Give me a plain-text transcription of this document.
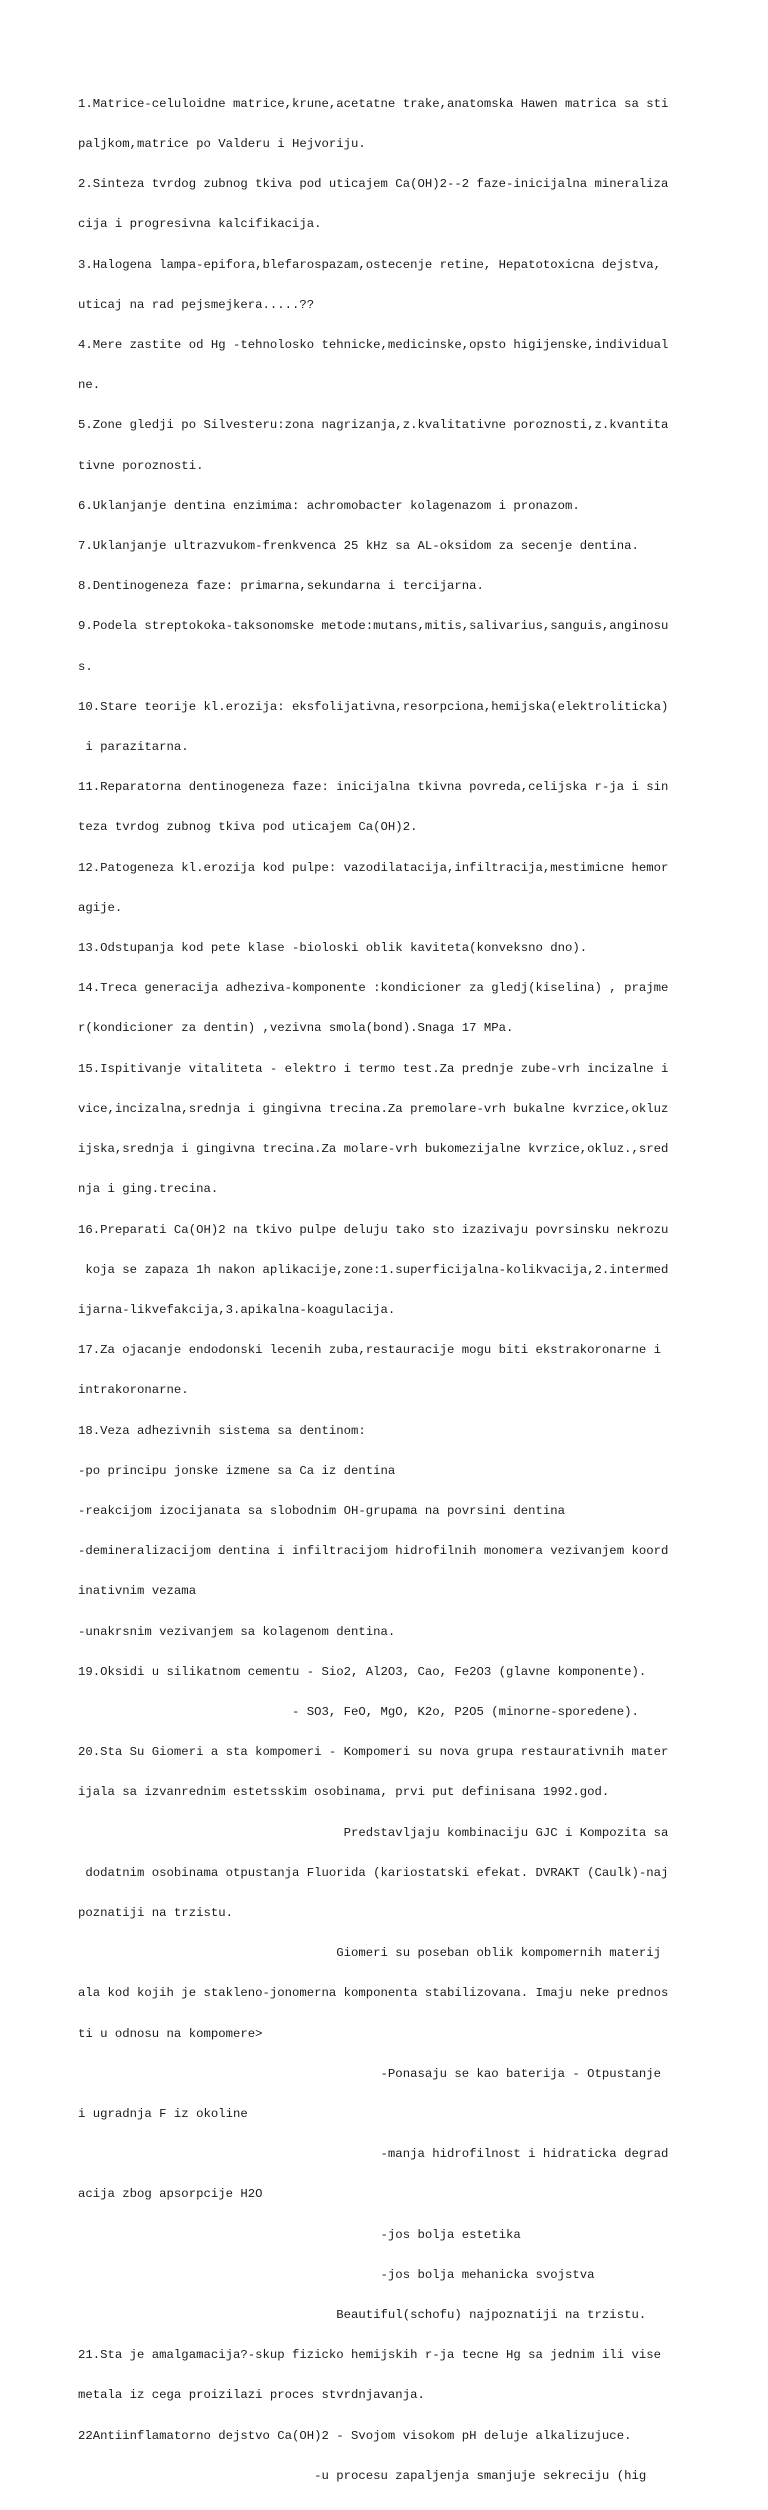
1.Matrice-celuloidne matrice,krune,acetatne trake,anatomska Hawen matrica sa sti

paljkom,matrice po Valderu i Hejvoriju.

2.Sinteza tvrdog zubnog tkiva pod uticajem Ca(OH)2--2 faze-inicijalna mineraliza

cija i progresivna kalcifikacija.

3.Halogena lampa-epifora,blefarospazam,ostecenje retine, Hepatotoxicna dejstva,

uticaj na rad pejsmejkera.....??

4.Mere zastite od Hg -tehnolosko tehnicke,medicinske,opsto higijenske,individual

ne.

5.Zone gledji po Silvesteru:zona nagrizanja,z.kvalitativne poroznosti,z.kvantita

tivne poroznosti.

6.Uklanjanje dentina enzimima: achromobacter kolagenazom i pronazom.

7.Uklanjanje ultrazvukom-frenkvenca 25 kHz sa AL-oksidom za secenje dentina.

8.Dentinogeneza faze: primarna,sekundarna i tercijarna.

9.Podela streptokoka-taksonomske metode:mutans,mitis,salivarius,sanguis,anginosu

s.

10.Stare teorije kl.erozija: eksfolijativna,resorpciona,hemijska(elektroliticka)

i parazitarna.

11.Reparatorna dentinogeneza faze: inicijalna tkivna povreda,celijska r-ja i sin

teza tvrdog zubnog tkiva pod uticajem Ca(OH)2.

12.Patogeneza kl.erozija kod pulpe: vazodilatacija,infiltracija,mestimicne hemor

agije.

13.Odstupanja kod pete klase -bioloski oblik kaviteta(konveksno dno).

14.Treca generacija adheziva-komponente :kondicioner za gledj(kiselina) , prajme

r(kondicioner za dentin) ,vezivna smola(bond).Snaga 17 MPa.

15.Ispitivanje vitaliteta - elektro i termo test.Za prednje zube-vrh incizalne i

vice,incizalna,srednja i gingivna trecina.Za premolare-vrh bukalne kvrzice,okluz

ijska,srednja i gingivna trecina.Za molare-vrh bukomezijalne kvrzice,okluz.,sred

nja i ging.trecina.

16.Preparati Ca(OH)2 na tkivo pulpe deluju tako sto izazivaju povrsinsku nekrozu

koja se zapaza 1h nakon aplikacije,zone:1.superficijalna-kolikvacija,2.intermed

ijarna-likvefakcija,3.apikalna-koagulacija.

17.Za ojacanje endodonski lecenih zuba,restauracije mogu biti ekstrakoronarne i

intrakoronarne.

18.Veza adhezivnih sistema sa dentinom:

-po principu jonske izmene sa Ca iz dentina

-reakcijom izocijanata sa slobodnim OH-grupama na povrsini dentina

-demineralizacijom dentina i infiltracijom hidrofilnih monomera vezivanjem koord

inativnim vezama

-unakrsnim vezivanjem sa kolagenom dentina.

19.Oksidi u silikatnom cementu - Sio2, Al2O3, Cao, Fe2O3 (glavne komponente).

- SO3, FeO, MgO, K2o, P2O5 (minorne-sporedene).

20.Sta Su Giomeri a sta kompomeri - Kompomeri su nova grupa restaurativnih mater

ijala sa izvanrednim estetsskim osobinama, prvi put definisana 1992.god.

Predstavljaju kombinaciju GJC i Kompozita sa

dodatnim osobinama otpustanja Fluorida (kariostatski efekat. DVRAKT (Caulk)-naj

poznatiji na trzistu.

Giomeri su poseban oblik kompomernih materij

ala kod kojih je stakleno-jonomerna komponenta stabilizovana. Imaju neke prednos

ti u odnosu na kompomere>

-Ponasaju se kao baterija - Otpustanje

i ugradnja F iz okoline

-manja hidrofilnost i hidraticka degrad

acija zbog apsorpcije H2O

-jos bolja estetika

-jos bolja mehanicka svojstva

Beautiful(schofu) najpoznatiji na trzistu.

21.Sta je amalgamacija?-skup fizicko hemijskih r-ja tecne Hg sa jednim ili vise

metala iz cega proizilazi proces stvrdnjavanja.

22Antiinflamatorno dejstvo Ca(OH)2 - Svojom visokom pH deluje alkalizujuce.

-u procesu zapaljenja smanjuje sekreciju (hig
